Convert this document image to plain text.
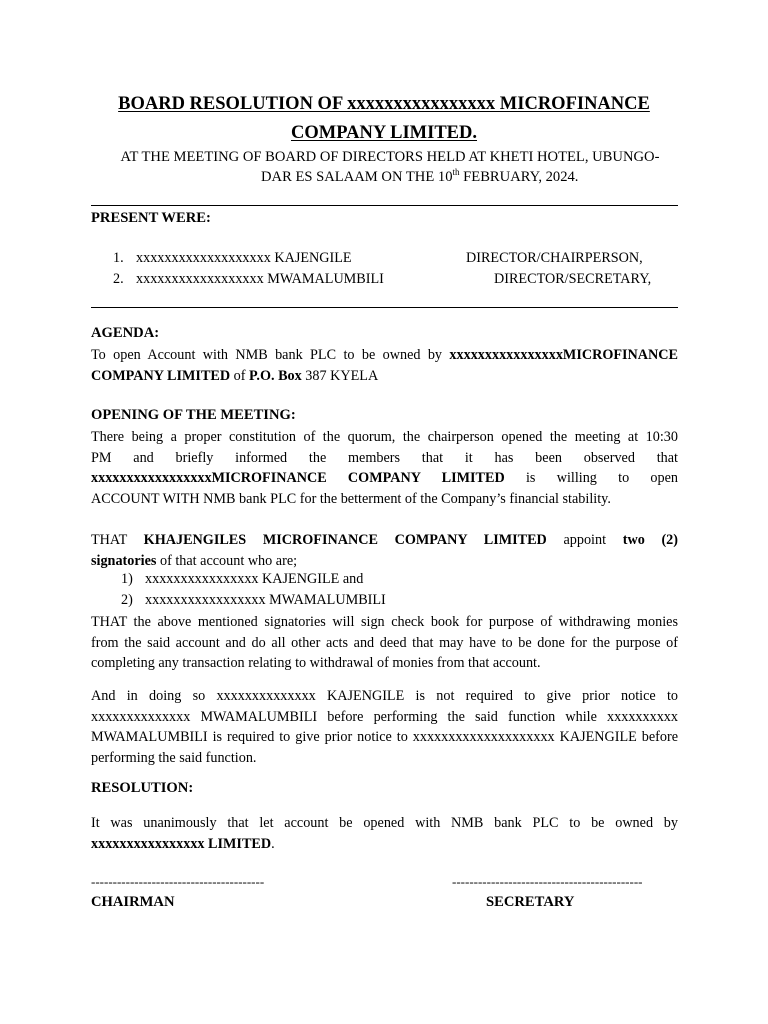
BOARD RESOLUTION OF xxxxxxxxxxxxxxxx MICROFINANCE
COMPANY LIMITED.
AT THE MEETING OF BOARD OF DIRECTORS HELD AT KHETI HOTEL, UBUNGO-
DAR ES SALAAM ON THE 10th FEBRUARY, 2024.
PRESENT WERE:
1. xxxxxxxxxxxxxxxxxxx KAJENGILE	DIRECTOR/CHAIRPERSON,
2. xxxxxxxxxxxxxxxxxx MWAMALUMBILI	DIRECTOR/SECRETARY,
AGENDA:
To open Account with NMB bank PLC to be owned by xxxxxxxxxxxxxxxxMICROFINANCE
COMPANY LIMITED of P.O. Box 387 KYELA
OPENING OF THE MEETING:
There being a proper constitution of the quorum, the chairperson opened the meeting at 10:30
PM and briefly informed the members that it has been observed that
xxxxxxxxxxxxxxxxxMICROFINANCE COMPANY LIMITED is willing to open
ACCOUNT WITH NMB bank PLC for the betterment of the Company’s financial stability.
THAT KHAJENGILES MICROFINANCE COMPANY LIMITED appoint two (2)
signatories of that account who are;
1) xxxxxxxxxxxxxxxx KAJENGILE and
2) xxxxxxxxxxxxxxxxx MWAMALUMBILI
THAT the above mentioned signatories will sign check book for purpose of withdrawing monies
from the said account and do all other acts and deed that may have to be done for the purpose of
completing any transaction relating to withdrawal of monies from that account.
And in doing so xxxxxxxxxxxxxx KAJENGILE is not required to give prior notice to
xxxxxxxxxxxxxx MWAMALUMBILI before performing the said function while xxxxxxxxxx
MWAMALUMBILI is required to give prior notice to xxxxxxxxxxxxxxxxxxxx KAJENGILE before
performing the said function.
RESOLUTION:
It was unanimously that let account be opened with NMB bank PLC to be owned by
xxxxxxxxxxxxxxxx LIMITED.
----------------------------------------	--------------------------------------------
CHAIRMAN	SECRETARY
